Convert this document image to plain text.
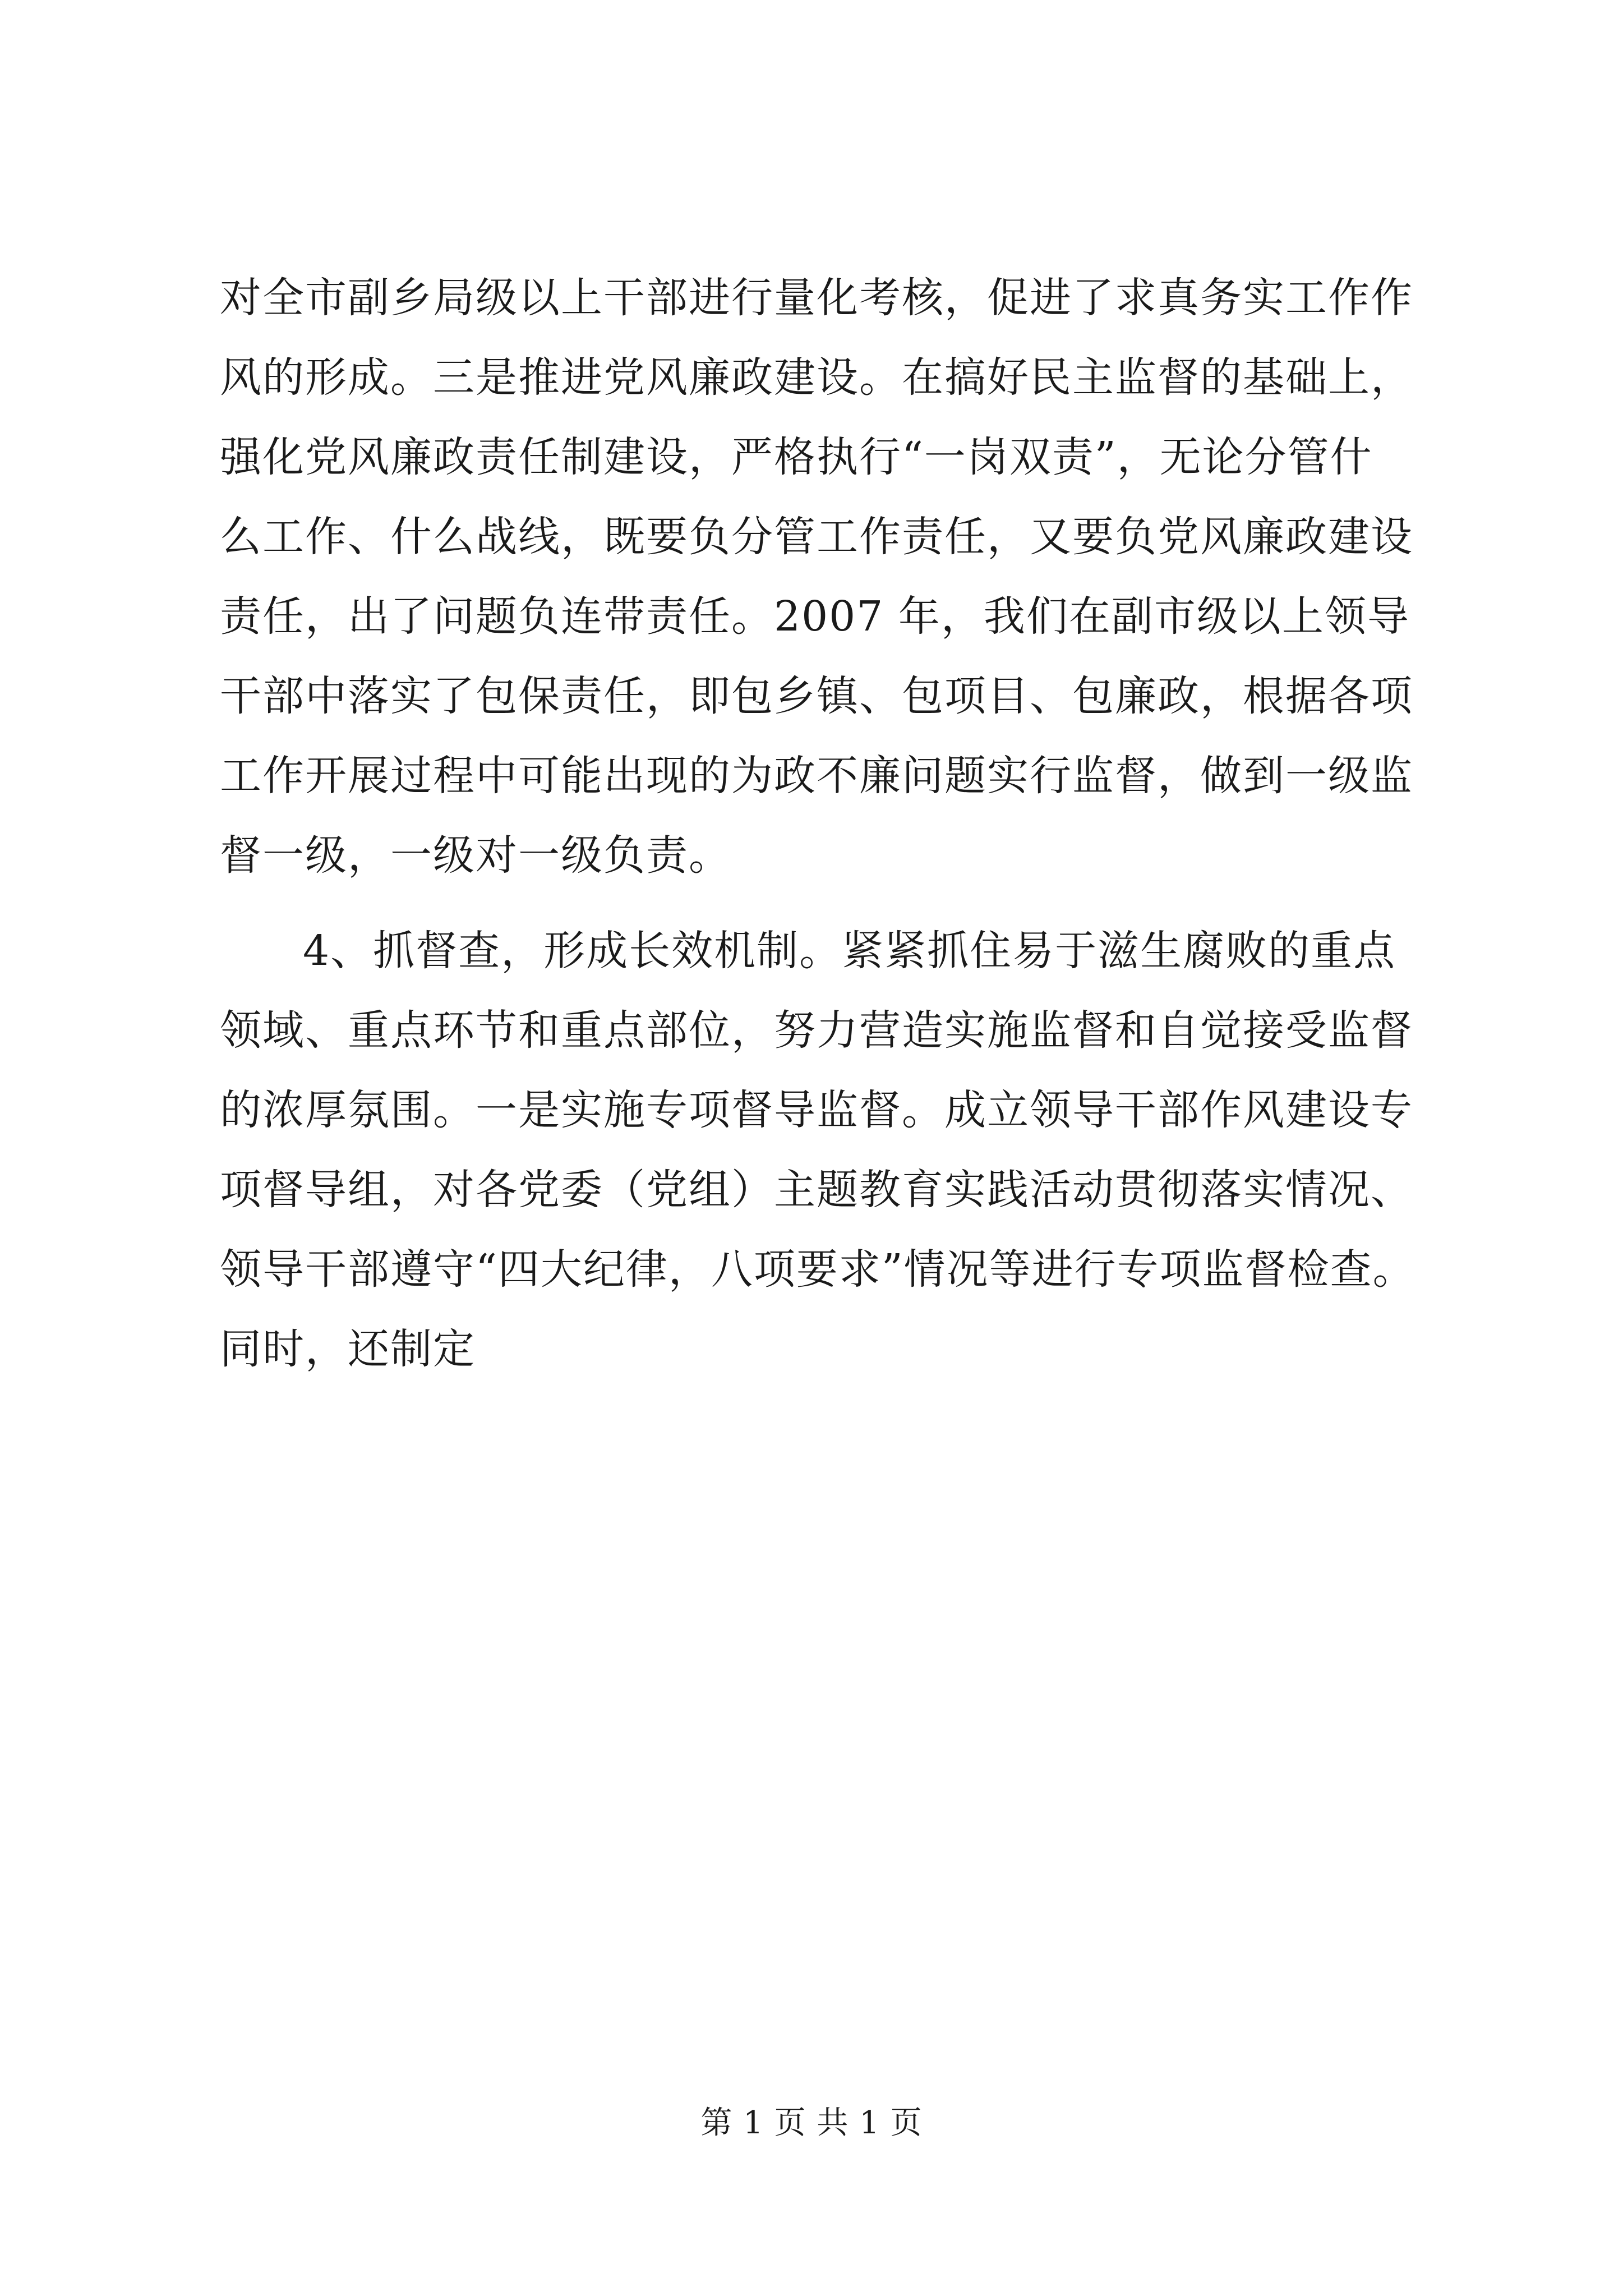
对全市副乡局级以上干部进行量化考核，促进了求真务实工作作
风的形成。三是推进党风廉政建设。在搞好民主监督的基础上，
强化党风廉政责任制建设，严格执行“一岗双责”，无论分管什
么工作、什么战线，既要负分管工作责任，又要负党风廉政建设
责任，出了问题负连带责任。2007 年，我们在副市级以上领导
干部中落实了包保责任，即包乡镇、包项目、包廉政，根据各项
工作开展过程中可能出现的为政不廉问题实行监督，做到一级监
督一级，一级对一级负责。
4、抓督查，形成长效机制。紧紧抓住易于滋生腐败的重点
领域、重点环节和重点部位，努力营造实施监督和自觉接受监督
的浓厚氛围。一是实施专项督导监督。成立领导干部作风建设专
项督导组，对各党委（党组）主题教育实践活动贯彻落实情况、
领导干部遵守“四大纪律，八项要求”情况等进行专项监督检查。
同时，还制定
第 1 页 共 1 页
